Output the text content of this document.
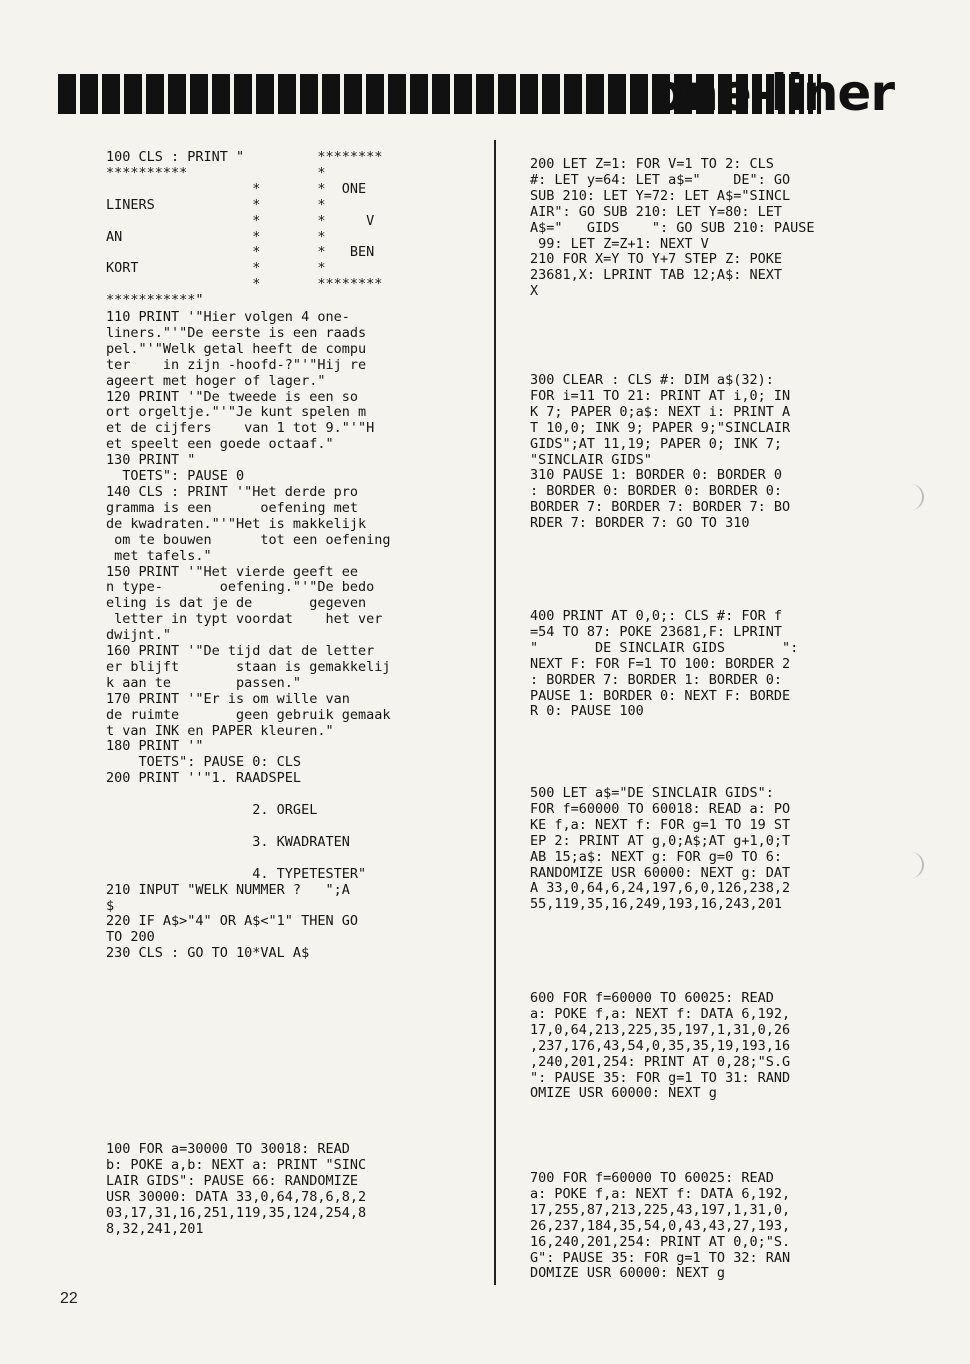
one-liner
100 CLS : PRINT "         ********
**********                *
*       *  ONE
LINERS            *       *
*       *     V
AN                *       *
*       *   BEN
KORT              *       *
*       ********
***********"
110 PRINT '"Hier volgen 4 one-
liners."'"De eerste is een raads
pel."'"Welk getal heeft de compu
ter    in zijn -hoofd-?"'"Hij re
ageert met hoger of lager."
120 PRINT '"De tweede is een so
ort orgeltje."'"Je kunt spelen m
et de cijfers    van 1 tot 9."'"H
et speelt een goede octaaf."
130 PRINT "
TOETS": PAUSE 0
140 CLS : PRINT '"Het derde pro
gramma is een      oefening met
de kwadraten."'"Het is makkelijk
om te bouwen      tot een oefening
met tafels."
150 PRINT '"Het vierde geeft ee
n type-       oefening."'"De bedo
eling is dat je de       gegeven
letter in typt voordat    het ver
dwijnt."
160 PRINT '"De tijd dat de letter
er blijft       staan is gemakkelij
k aan te        passen."
170 PRINT '"Er is om wille van
de ruimte       geen gebruik gemaak
t van INK en PAPER kleuren."
180 PRINT '"
TOETS": PAUSE 0: CLS
200 PRINT ''"1. RAADSPEL

2. ORGEL

3. KWADRATEN

4. TYPETESTER"
210 INPUT "WELK NUMMER ?   ";A
$
220 IF A$>"4" OR A$<"1" THEN GO
TO 200
230 CLS : GO TO 10*VAL A$
100 FOR a=30000 TO 30018: READ
b: POKE a,b: NEXT a: PRINT "SINC
LAIR GIDS": PAUSE 66: RANDOMIZE
USR 30000: DATA 33,0,64,78,6,8,2
03,17,31,16,251,119,35,124,254,8
8,32,241,201
200 LET Z=1: FOR V=1 TO 2: CLS
#: LET y=64: LET a$="    DE": GO
SUB 210: LET Y=72: LET A$="SINCL
AIR": GO SUB 210: LET Y=80: LET
A$="   GIDS    ": GO SUB 210: PAUSE
99: LET Z=Z+1: NEXT V
210 FOR X=Y TO Y+7 STEP Z: POKE
23681,X: LPRINT TAB 12;A$: NEXT
X
300 CLEAR : CLS #: DIM a$(32):
FOR i=11 TO 21: PRINT AT i,0; IN
K 7; PAPER 0;a$: NEXT i: PRINT A
T 10,0; INK 9; PAPER 9;"SINCLAIR
GIDS";AT 11,19; PAPER 0; INK 7;
"SINCLAIR GIDS"
310 PAUSE 1: BORDER 0: BORDER 0
: BORDER 0: BORDER 0: BORDER 0:
BORDER 7: BORDER 7: BORDER 7: BO
RDER 7: BORDER 7: GO TO 310
400 PRINT AT 0,0;: CLS #: FOR f
=54 TO 87: POKE 23681,F: LPRINT
"       DE SINCLAIR GIDS       ":
NEXT F: FOR F=1 TO 100: BORDER 2
: BORDER 7: BORDER 1: BORDER 0:
PAUSE 1: BORDER 0: NEXT F: BORDE
R 0: PAUSE 100
500 LET a$="DE SINCLAIR GIDS":
FOR f=60000 TO 60018: READ a: PO
KE f,a: NEXT f: FOR g=1 TO 19 ST
EP 2: PRINT AT g,0;A$;AT g+1,0;T
AB 15;a$: NEXT g: FOR g=0 TO 6:
RANDOMIZE USR 60000: NEXT g: DAT
A 33,0,64,6,24,197,6,0,126,238,2
55,119,35,16,249,193,16,243,201
600 FOR f=60000 TO 60025: READ
a: POKE f,a: NEXT f: DATA 6,192,
17,0,64,213,225,35,197,1,31,0,26
,237,176,43,54,0,35,35,19,193,16
,240,201,254: PRINT AT 0,28;"S.G
": PAUSE 35: FOR g=1 TO 31: RAND
OMIZE USR 60000: NEXT g
700 FOR f=60000 TO 60025: READ
a: POKE f,a: NEXT f: DATA 6,192,
17,255,87,213,225,43,197,1,31,0,
26,237,184,35,54,0,43,43,27,193,
16,240,201,254: PRINT AT 0,0;"S.
G": PAUSE 35: FOR g=1 TO 32: RAN
DOMIZE USR 60000: NEXT g
22
